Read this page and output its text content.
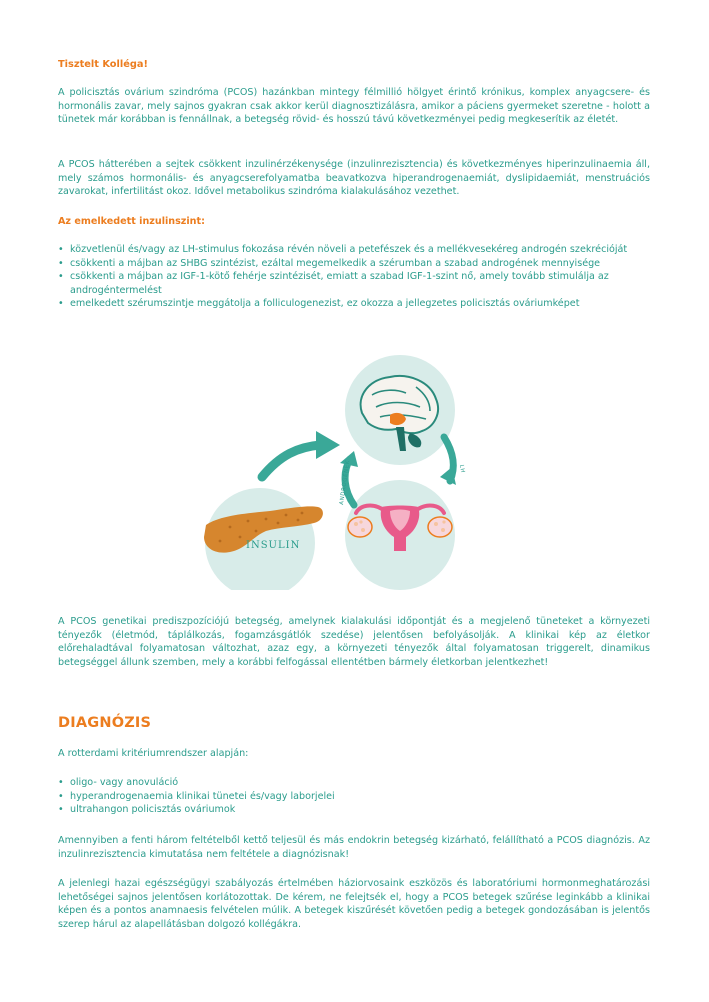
Tisztelt Kolléga!

A policisztás ovárium szindróma (PCOS) hazánkban mintegy félmillió hölgyet érintő krónikus, komplex anyagcsere- és hormonális zavar, mely sajnos gyakran csak akkor kerül diagnosztizálásra, amikor a páciens gyermeket szeretne - holott a tünetek már korábban is fennállnak, a betegség rövid- és hosszú távú következményei pedig megkeserítik az életét.

A PCOS hátterében a sejtek csökkent inzulinérzékenysége (inzulinrezisztencia) és következményes hiperinzulinaemia áll, mely számos hormonális- és anyagcserefolyamatba beavatkozva hiperandrogenaemiát, dyslipidaemiát, menstruációs zavarokat, infertilitást okoz. Idővel metabolikus szindróma kialakulásához vezethet.

Az emelkedett inzulinszint:
• közvetlenül és/vagy az LH-stimulus fokozása révén növeli a petefészek és a mellékvesekéreg androgén szekrécióját
• csökkenti a májban az SHBG szintézist, ezáltal megemelkedik a szérumban a szabad androgének mennyisége
• csökkenti a májban az IGF-1-kötő fehérje szintézisét, emiatt a szabad IGF-1-szint nő, amely tovább stimulálja az androgéntermelést
• emelkedett szérumszintje meggátolja a folliculogenezist, ez okozza a jellegzetes policisztás ováriumképet
INSULIN
ANDROGÉNEK	LH

A PCOS genetikai prediszpozíciójú betegség, amelynek kialakulási időpontját és a megjelenő tüneteket a környezeti tényezők (életmód, táplálkozás, fogamzásgátlók szedése) jelentősen befolyásolják. A klinikai kép az életkor előrehaladtával folyamatosan változhat, azaz egy, a környezeti tényezők által folyamatosan triggerelt, dinamikus betegséggel állunk szemben, mely a korábbi felfogással ellentétben bármely életkorban jelentkezhet!

DIAGNÓZIS
A rotterdami kritériumrendszer alapján:
• oligo- vagy anovuláció
• hyperandrogenaemia klinikai tünetei és/vagy laborjelei
• ultrahangon policisztás ováriumok

Amennyiben a fenti három feltételből kettő teljesül és más endokrin betegség kizárható, felállítható a PCOS diagnózis. Az inzulinrezisztencia kimutatása nem feltétele a diagnózisnak!

A jelenlegi hazai egészségügyi szabályozás értelmében háziorvosaink eszközös és laboratóriumi hormonmeghatározási lehetőségei sajnos jelentősen korlátozottak. De kérem, ne felejtsék el, hogy a PCOS betegek szűrése leginkább a klinikai képen és a pontos anamnaesis felvételen múlik. A betegek kiszűrését követően pedig a betegek gondozásában is jelentős szerep hárul az alapellátásban dolgozó kollégákra.
